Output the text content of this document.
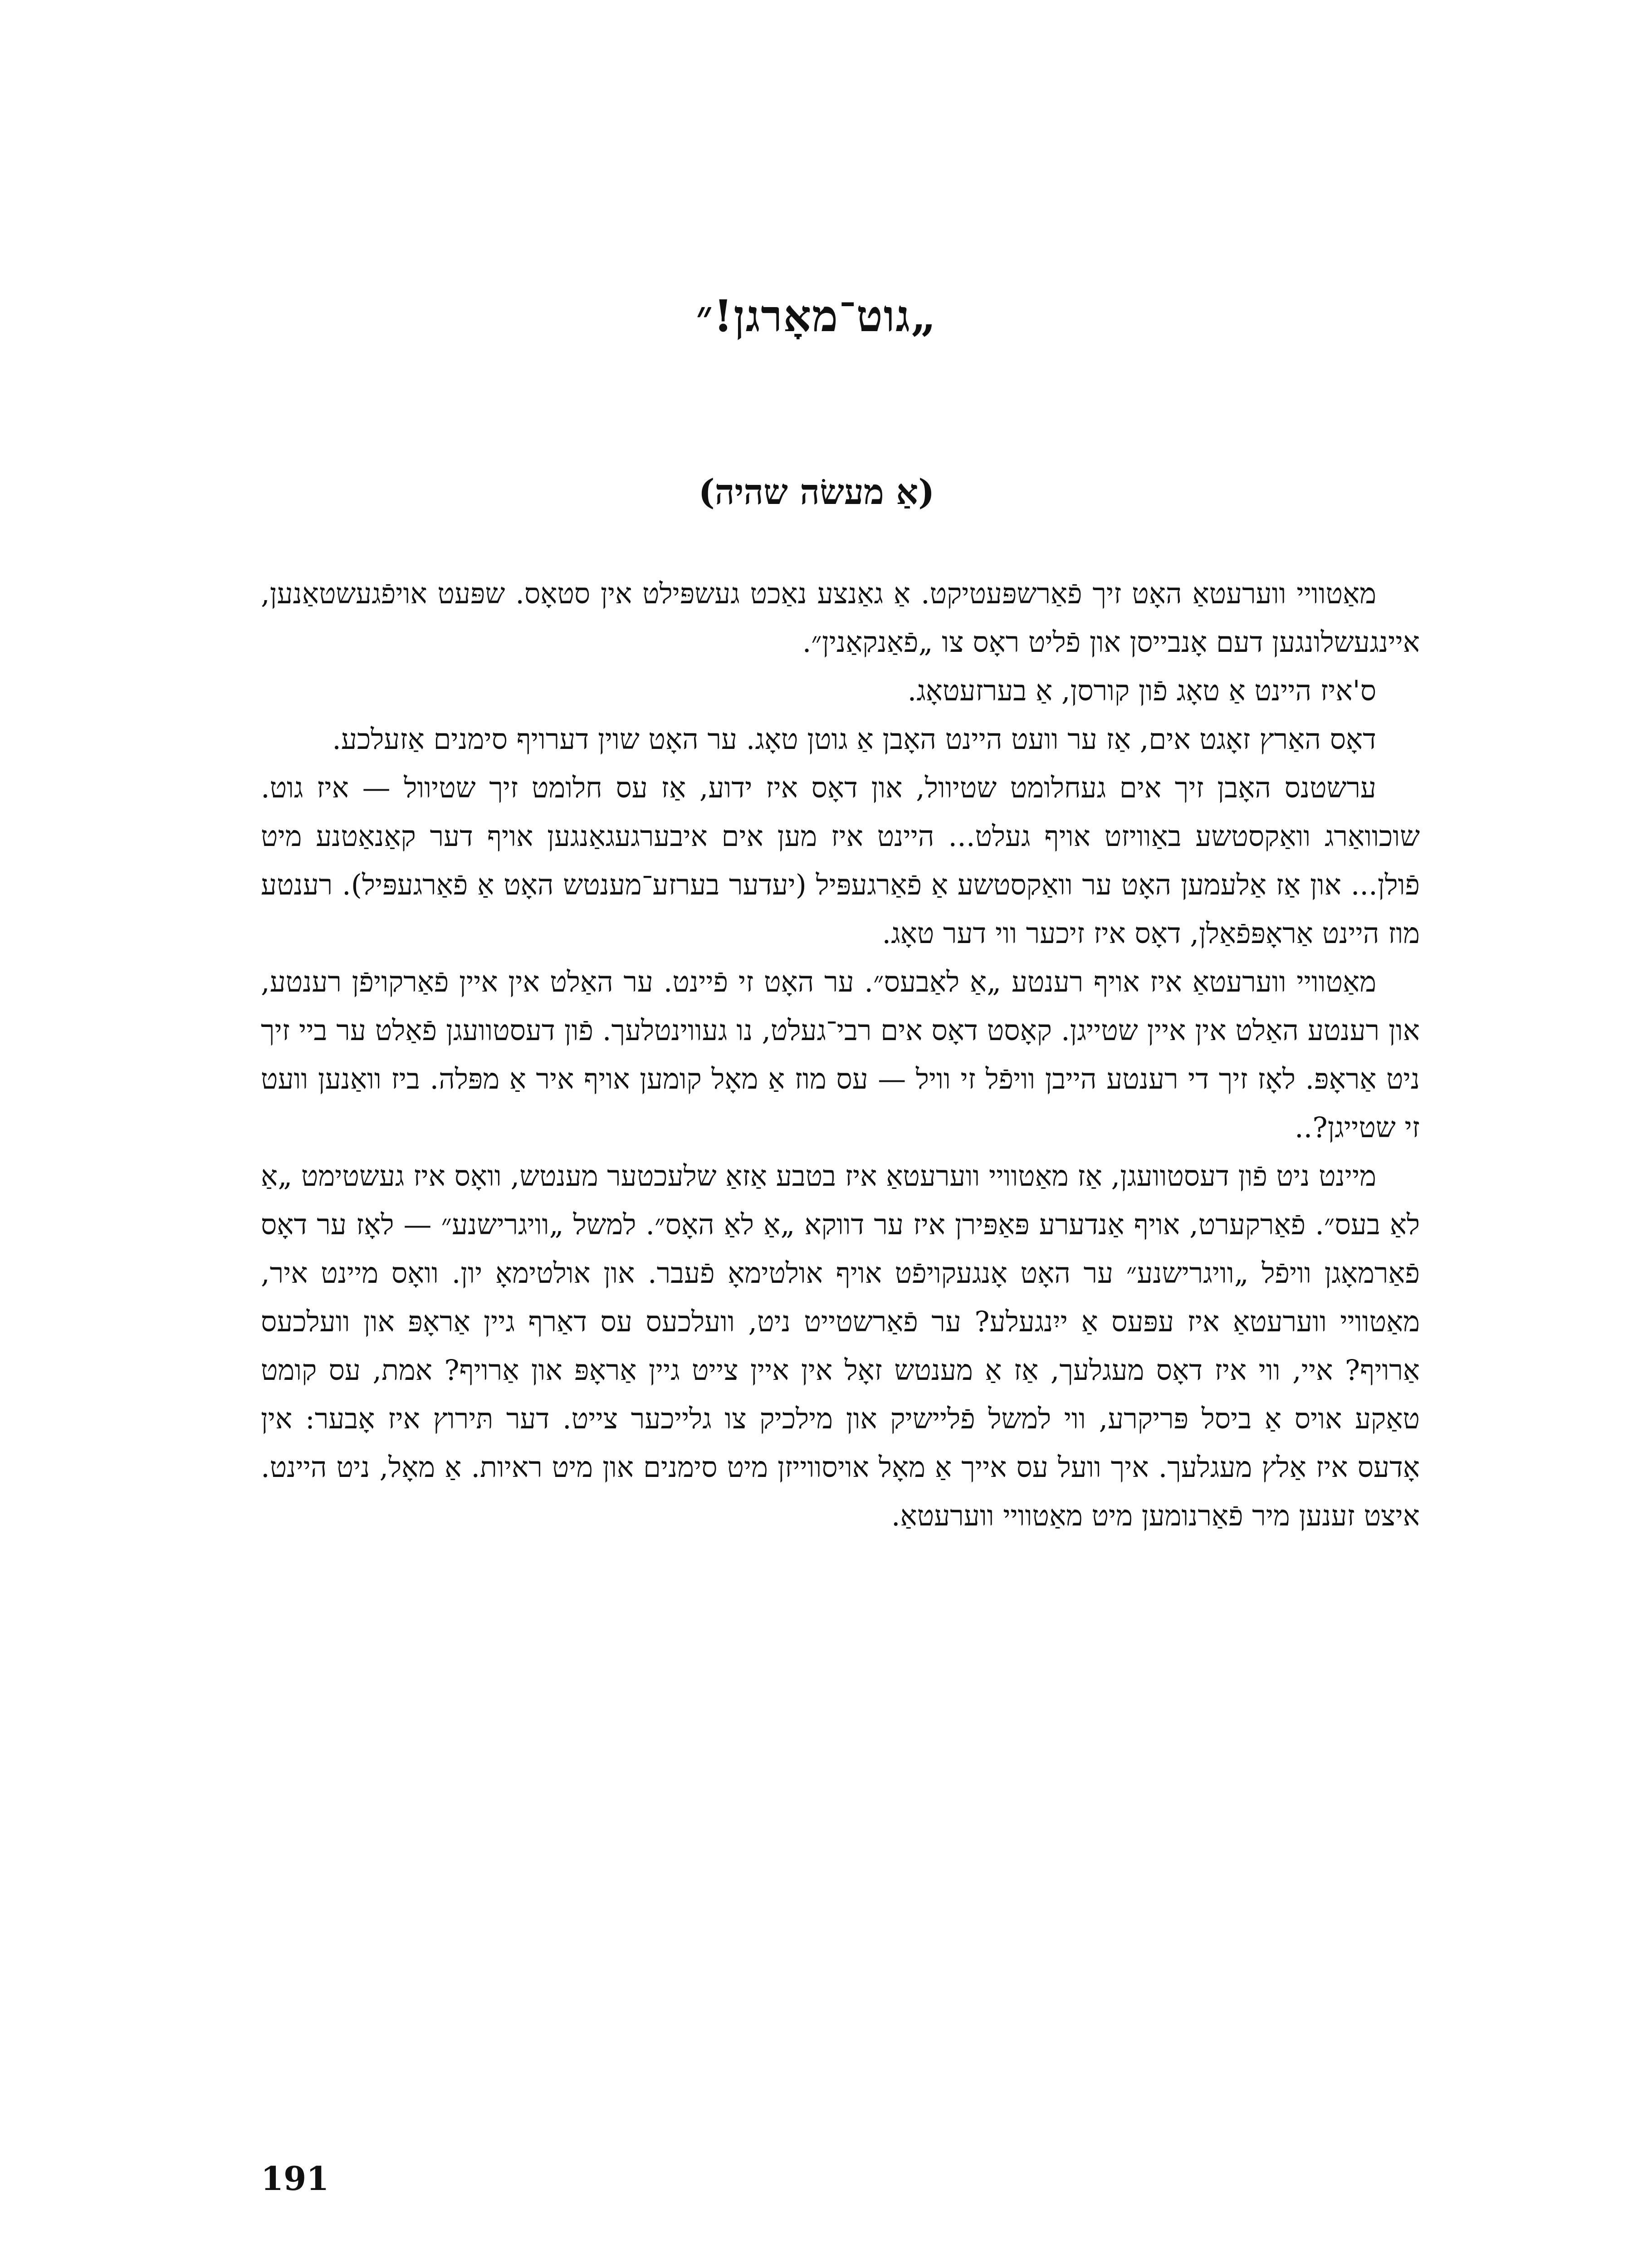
„גוט־מאָרגן!״
(אַ מעשׂה שהיה)

מאַטוויי ווערעטאַ האָט זיך פֿאַרשפּעטיקט. אַ גאַנצע נאַכט געשפּילט אין סטאָס. שפּעט אויפֿגעשטאַנען, איינגעשלונגען דעם אָנבייסן און פֿליט ראָס צו „פֿאַנקאַנין״.

ס'איז היינט אַ טאָג פֿון קורסן, אַ בערזעטאָג.

דאָס האַרץ זאָגט אים, אַז ער וועט היינט האָבן אַ גוטן טאָג. ער האָט שוין דערויף סימנים אַזעלכע.

ערשטנס האָבן זיך אים געחלומט שטיוול, און דאָס איז ידוע, אַז עס חלומט זיך שטיוול — איז גוט. שוכוואַרג וואַקסטשע באַוויזט אויף געלט... היינט איז מען אים איבערגעגאַנגען אויף דער קאַנאַטנע מיט פֿולן... און אַז אַלעמען האָט ער וואַקסטשע אַ פֿאַרגעפּיל (יעדער בערזע־מענטש האָט אַ פֿאַרגעפּיל). רענטע מוז היינט אַראָפּפֿאַלן, דאָס איז זיכער ווי דער טאָג.

מאַטוויי ווערעטאַ איז אויף רענטע „אַ לאַבעס״. ער האָט זי פֿיינט. ער האַלט אין איין פֿאַרקויפֿן רענטע, און רענטע האַלט אין איין שטייגן. קאָסט דאָס אים רבי־געלט, נו געווינטלעך. פֿון דעסטוועגן פֿאַלט ער ביי זיך ניט אַראָפּ. לאָז זיך די רענטע הייבן וויפֿל זי וויל — עס מוז אַ מאָל קומען אויף איר אַ מפּלה. ביז וואַנען וועט זי שטייגן?..

מיינט ניט פֿון דעסטוועגן, אַז מאַטוויי ווערעטאַ איז בטבע אַזאַ שלעכטער מענטש, וואָס איז געשטימט „אַ לאַ בעס״. פֿאַרקערט, אויף אַנדערע פּאַפּירן איז ער דווקא „אַ לאַ האָס״. למשל „וויגרישנע״ — לאָז ער דאָס פֿאַרמאָגן וויפֿל „וויגרישנע״ ער האָט אָנגעקויפֿט אויף אולטימאָ פֿעבר. און אולטימאָ יון. וואָס מיינט איר, מאַטוויי ווערעטאַ איז עפּעס אַ ייִנגעלע? ער פֿאַרשטייט ניט, וועלכעס עס דאַרף גיין אַראָפּ און וועלכעס אַרויף? איי, ווי איז דאָס מעגלעך, אַז אַ מענטש זאָל אין איין צייט גיין אַראָפּ און אַרויף? אמת, עס קומט טאַקע אויס אַ ביסל פּריקרע, ווי למשל פֿליישיק און מילכיק צו גלייכער צייט. דער תּירוץ איז אָבער: אין אָדעס איז אַלץ מעגלעך. איך וועל עס אייך אַ מאָל אויסווייזן מיט סימנים און מיט ראיות. אַ מאָל, ניט היינט. איצט זענען מיר פֿאַרנומען מיט מאַטוויי ווערעטאַ.

191
